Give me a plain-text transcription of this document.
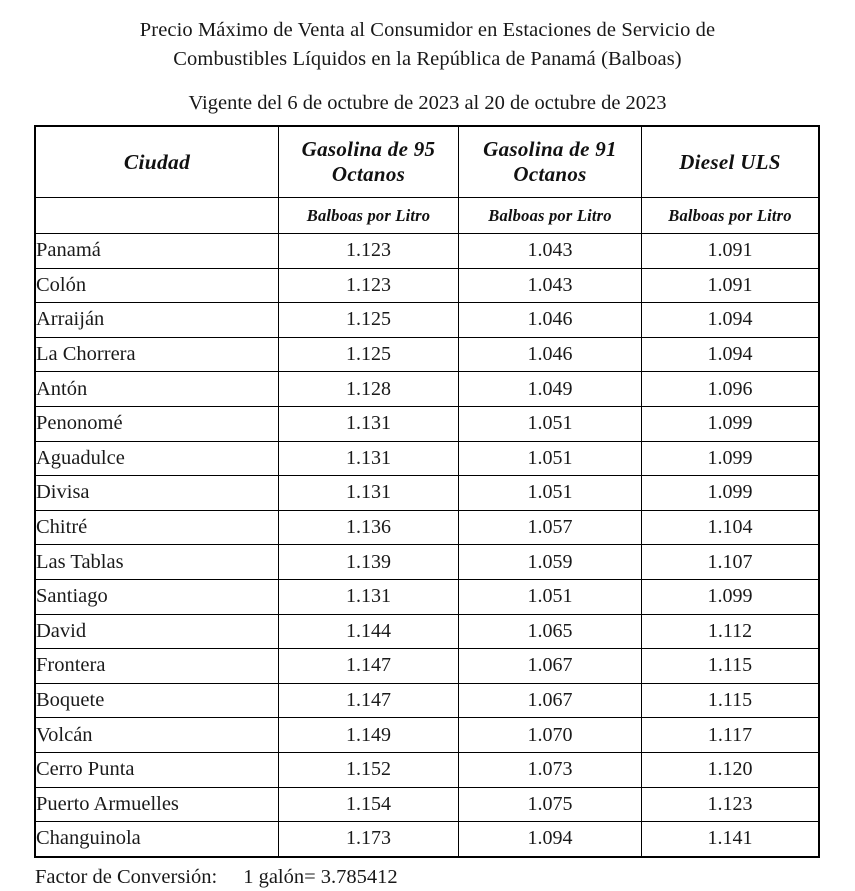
Precio Máximo de Venta al Consumidor en Estaciones de Servicio de
Combustibles Líquidos en la República de Panamá (Balboas)
Vigente del 6 de octubre de 2023 al 20 de octubre de 2023
Ciudad	Gasolina de 95 Octanos	Gasolina de 91 Octanos	Diesel ULS
	Balboas por Litro	Balboas por Litro	Balboas por Litro
Panamá	1.123	1.043	1.091
Colón	1.123	1.043	1.091
Arraiján	1.125	1.046	1.094
La Chorrera	1.125	1.046	1.094
Antón	1.128	1.049	1.096
Penonomé	1.131	1.051	1.099
Aguadulce	1.131	1.051	1.099
Divisa	1.131	1.051	1.099
Chitré	1.136	1.057	1.104
Las Tablas	1.139	1.059	1.107
Santiago	1.131	1.051	1.099
David	1.144	1.065	1.112
Frontera	1.147	1.067	1.115
Boquete	1.147	1.067	1.115
Volcán	1.149	1.070	1.117
Cerro Punta	1.152	1.073	1.120
Puerto Armuelles	1.154	1.075	1.123
Changuinola	1.173	1.094	1.141
Factor de Conversión: 1 galón= 3.785412
